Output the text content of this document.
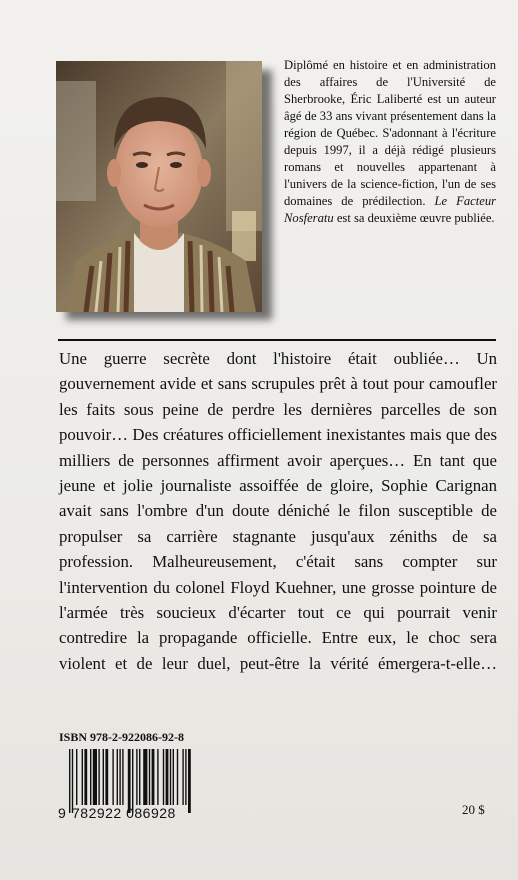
Diplômé en histoire et en administration des affaires de l'Université de Sherbrooke, Éric Laliberté est un auteur âgé de 33 ans vivant présentement dans la région de Québec. S'adonnant à l'écriture depuis 1997, il a déjà rédigé plusieurs romans et nouvelles appartenant à l'univers de la science-fiction, l'un de ses domaines de prédilection. Le Facteur Nosferatu est sa deuxième œuvre publiée.

Une guerre secrète dont l'histoire était oubliée… Un gouvernement avide et sans scrupules prêt à tout pour camoufler les faits sous peine de perdre les dernières parcelles de son pouvoir… Des créatures officiellement inexistantes mais que des milliers de personnes affirment avoir aperçues… En tant que jeune et jolie journaliste assoiffée de gloire, Sophie Carignan avait sans l'ombre d'un doute déniché le filon susceptible de propulser sa carrière stagnante jusqu'aux zéniths de sa profession. Malheureusement, c'était sans compter sur l'intervention du colonel Floyd Kuehner, une grosse pointure de l'armée très soucieux d'écarter tout ce qui pourrait venir contredire la propagande officielle. Entre eux, le choc sera violent et de leur duel, peut-être la vérité émergera-t-elle…

ISBN 978-2-922086-92-8
9 782922 086928	20 $
